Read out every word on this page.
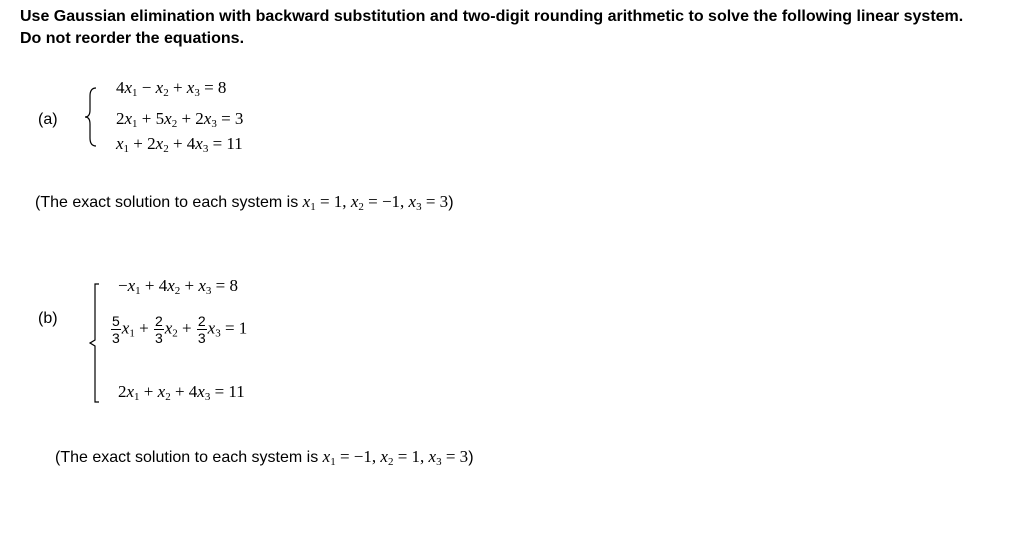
Use Gaussian elimination with backward substitution and two-digit rounding arithmetic to solve the following linear system. Do not reorder the equations.
(a)
$4x_1 - x_2 + x_3 = 8$
$2x_1 + 5x_2 + 2x_3 = 3$
$x_1 + 2x_2 + 4x_3 = 11$
(The exact solution to each system is $x_1 = 1$, $x_2 = -1$, $x_3 = 3$)
(b)
$-x_1 + 4x_2 + x_3 = 8$
$\frac{5}{3} x_1 + \frac{2}{3} x_2 + \frac{2}{3} x_3 = 1$
$2x_1 + x_2 + 4x_3 = 11$
(The exact solution to each system is $x_1 = -1$, $x_2 = 1$, $x_3 = 3$)
